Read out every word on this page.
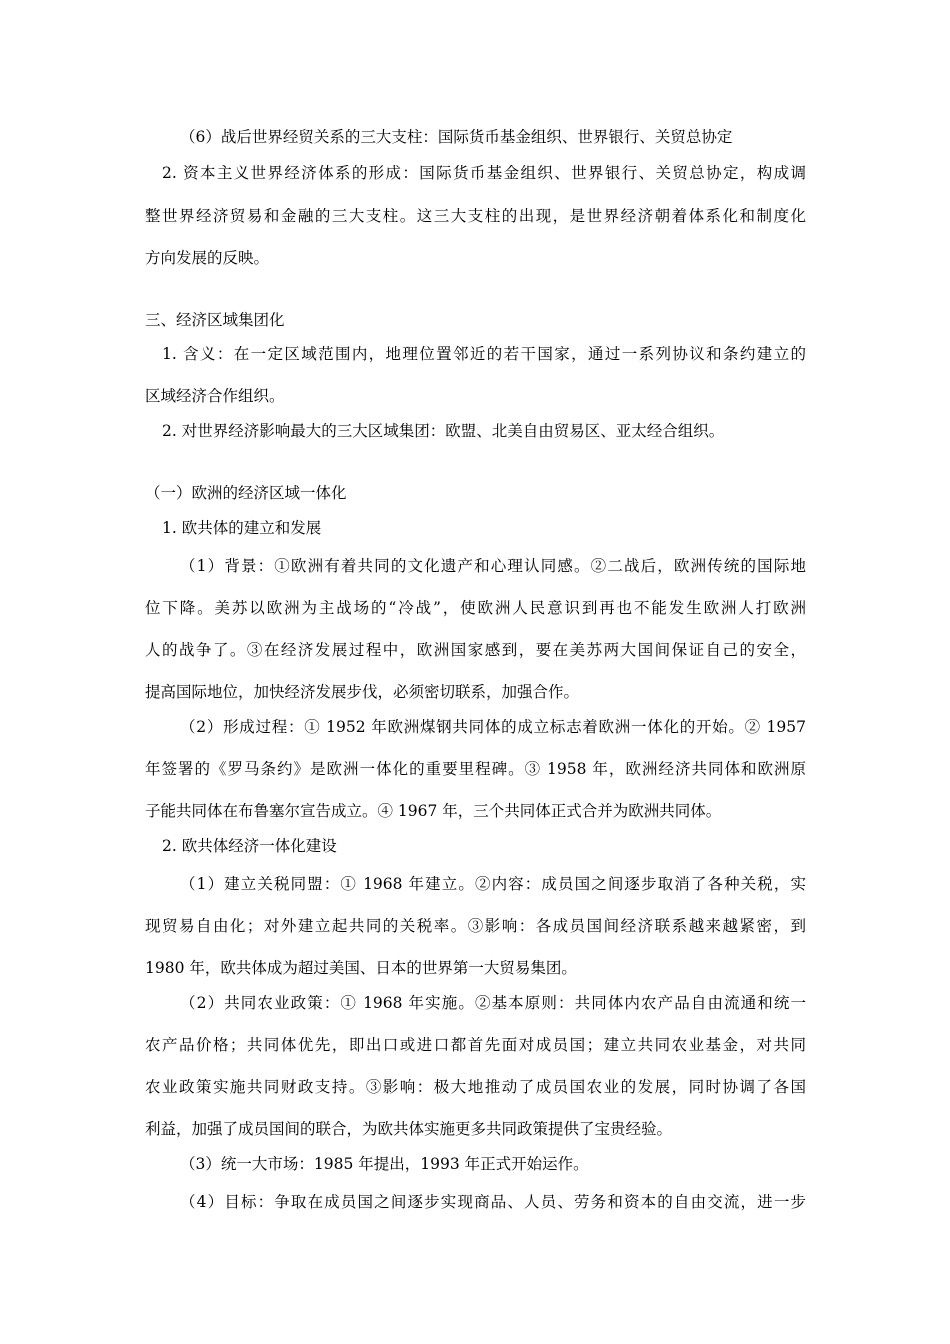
（6）战后世界经贸关系的三大支柱：国际货币基金组织、世界银行、关贸总协定
2. 资本主义世界经济体系的形成：国际货币基金组织、世界银行、关贸总协定，构成调
整世界经济贸易和金融的三大支柱。这三大支柱的出现，是世界经济朝着体系化和制度化
方向发展的反映。
三、经济区域集团化
1. 含义：在一定区域范围内，地理位置邻近的若干国家，通过一系列协议和条约建立的
区域经济合作组织。
2. 对世界经济影响最大的三大区域集团：欧盟、北美自由贸易区、亚太经合组织。
（一）欧洲的经济区域一体化
1. 欧共体的建立和发展
（1）背景：①欧洲有着共同的文化遗产和心理认同感。②二战后，欧洲传统的国际地
位下降。美苏以欧洲为主战场的“冷战”，使欧洲人民意识到再也不能发生欧洲人打欧洲
人的战争了。③在经济发展过程中，欧洲国家感到，要在美苏两大国间保证自己的安全，
提高国际地位，加快经济发展步伐，必须密切联系，加强合作。
（2）形成过程：① 1952 年欧洲煤钢共同体的成立标志着欧洲一体化的开始。② 1957
年签署的《罗马条约》是欧洲一体化的重要里程碑。③ 1958 年，欧洲经济共同体和欧洲原
子能共同体在布鲁塞尔宣告成立。④ 1967 年，三个共同体正式合并为欧洲共同体。
2. 欧共体经济一体化建设
（1）建立关税同盟：① 1968 年建立。②内容：成员国之间逐步取消了各种关税，实
现贸易自由化；对外建立起共同的关税率。③影响：各成员国间经济联系越来越紧密，到
1980 年，欧共体成为超过美国、日本的世界第一大贸易集团。
（2）共同农业政策：① 1968 年实施。②基本原则：共同体内农产品自由流通和统一
农产品价格；共同体优先，即出口或进口都首先面对成员国；建立共同农业基金，对共同
农业政策实施共同财政支持。③影响：极大地推动了成员国农业的发展，同时协调了各国
利益，加强了成员国间的联合，为欧共体实施更多共同政策提供了宝贵经验。
（3）统一大市场：1985 年提出，1993 年正式开始运作。
（4）目标：争取在成员国之间逐步实现商品、人员、劳务和资本的自由交流，进一步
